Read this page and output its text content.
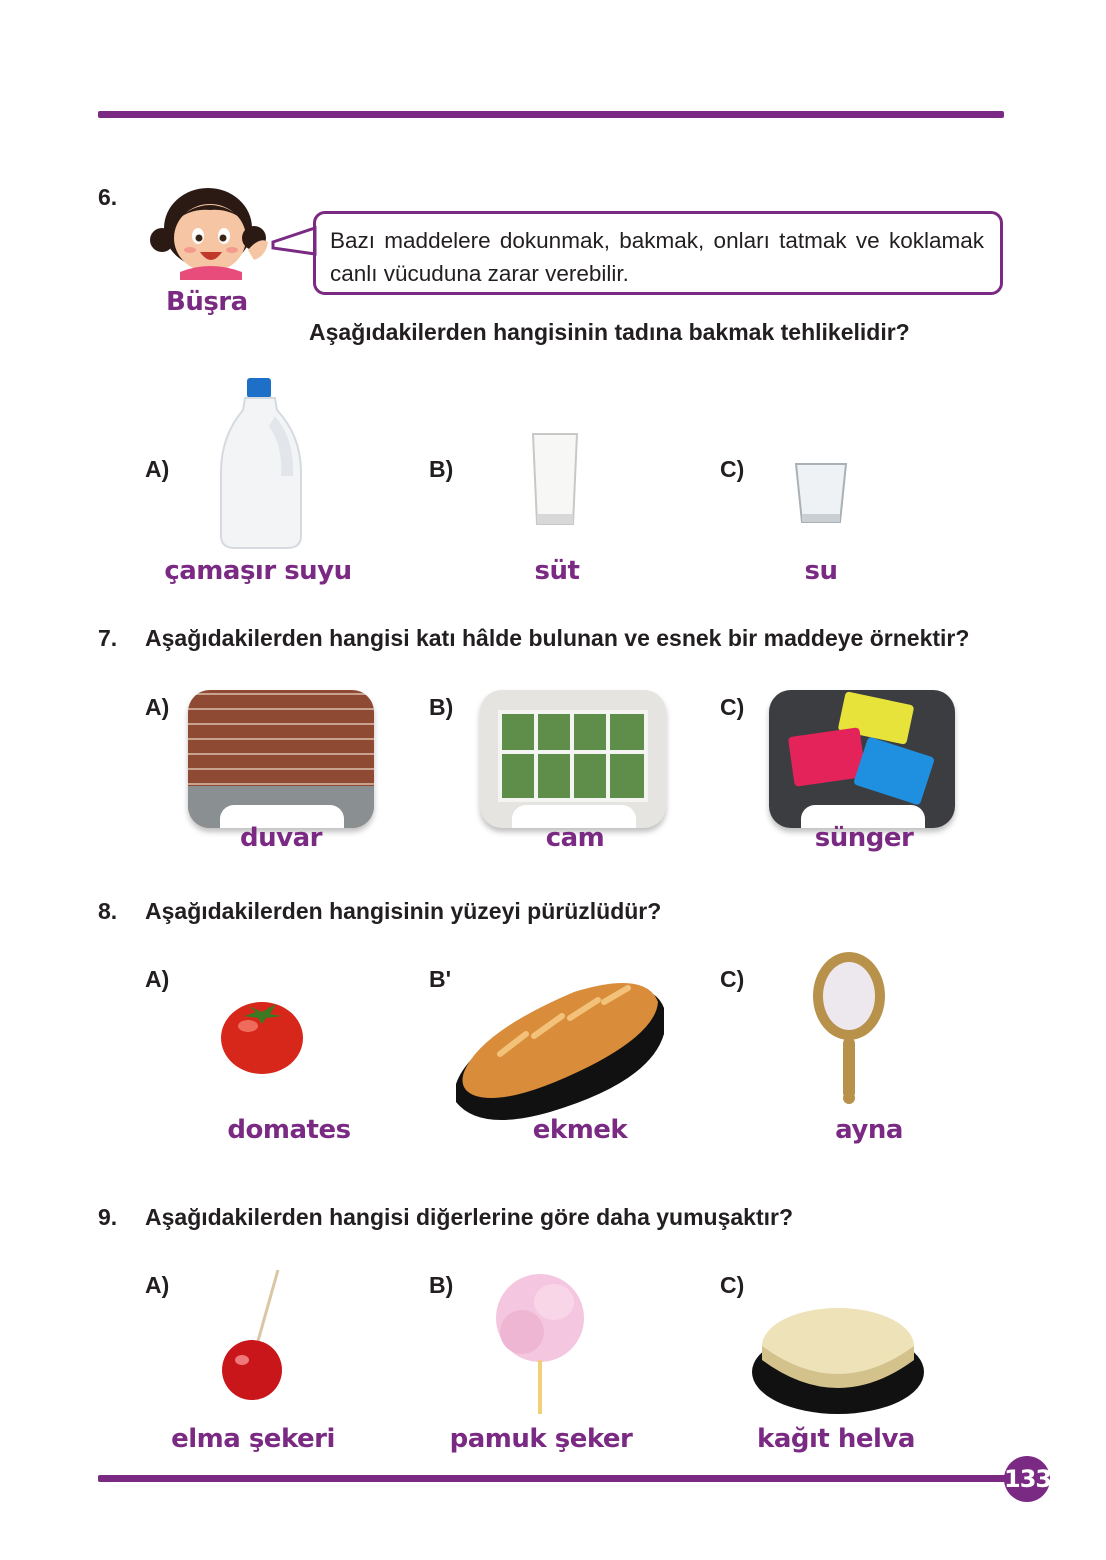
6.
Büşra
Bazı maddelere dokunmak, bakmak, onları tatmak ve koklamak canlı vücuduna zarar verebilir.
Aşağıdakilerden hangisinin tadına bakmak tehlikelidir?
A)	B)	C)
çamaşır suyu	süt	su
7. Aşağıdakilerden hangisi katı hâlde bulunan ve esnek bir maddeye örnektir?
A)	B)	C)
duvar	cam	sünger
8. Aşağıdakilerden hangisinin yüzeyi pürüzlüdür?
A)	B'	C)
domates	ekmek	ayna
9. Aşağıdakilerden hangisi diğerlerine göre daha yumuşaktır?
A)	B)	C)
elma şekeri	pamuk şeker	kağıt helva
133
